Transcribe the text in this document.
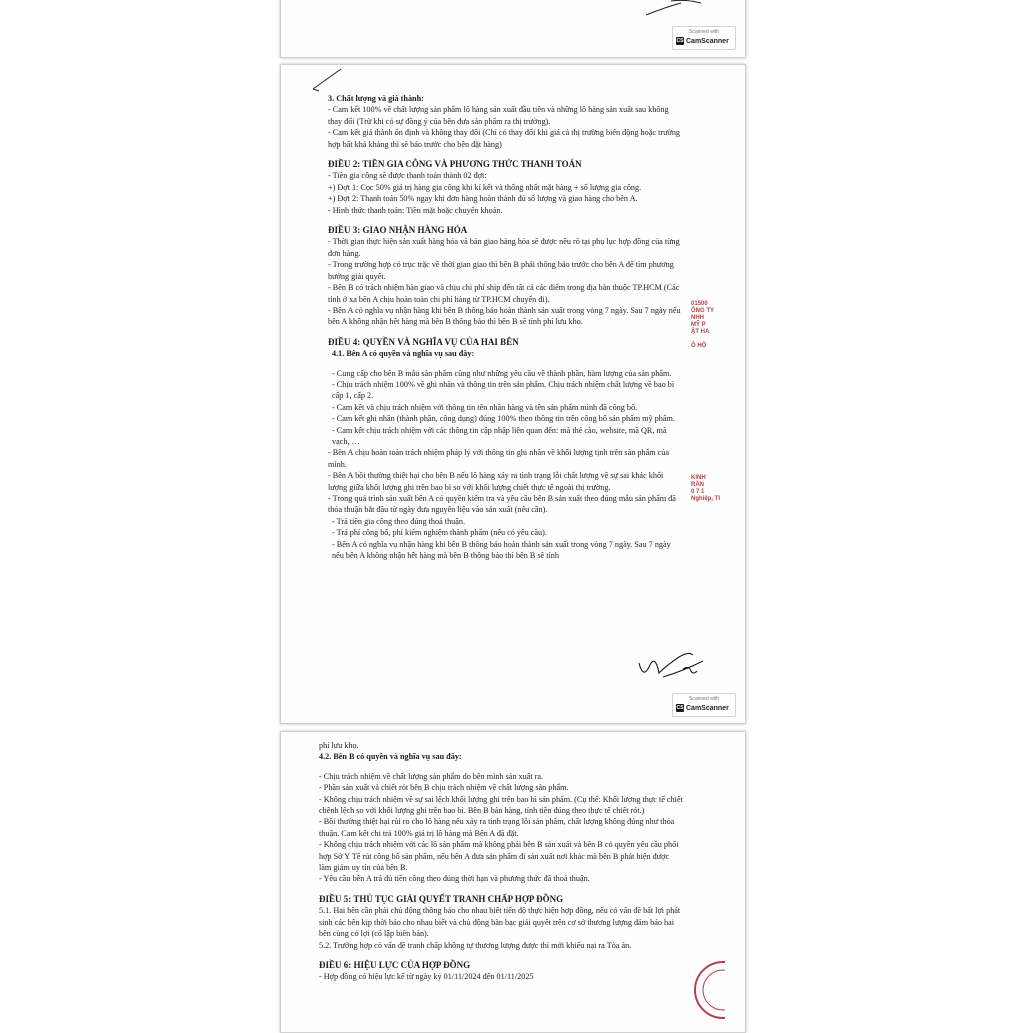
Scanned with
CS CamScanner

3. Chất lượng và giá thành:

- Cam kết 100% về chất lượng sản phẩm lô hàng sản xuất đầu tiên và những lô hàng sản xuất sau không thay đổi (Trừ khi có sự đồng ý của bên đưa sản phẩm ra thị trường).

- Cam kết giá thành ổn định và không thay đổi (Chỉ có thay đổi khi giá cả thị trường biến động hoặc trường hợp bất khả kháng thì sẽ báo trước cho bên đặt hàng)

ĐIỀU 2: TIỀN GIA CÔNG VÀ PHƯƠNG THỨC THANH TOÁN

- Tiền gia công sẽ được thanh toán thành 02 đợt:

+) Đợt 1: Cọc 50% giá trị hàng gia công khi kí kết và thống nhất mặt hàng + số lượng gia công.

+) Đợt 2: Thanh toán 50% ngay khi đơn hàng hoàn thành đủ số lượng và giao hàng cho bên A.

- Hình thức thanh toán: Tiền mặt hoặc chuyển khoản.

ĐIỀU 3: GIAO NHẬN HÀNG HÓA

- Thời gian thực hiện sản xuất hàng hóa và bàn giao hàng hóa sẽ được nêu rõ tại phụ lục hợp đồng của từng đơn hàng.

- Trong trường hợp có trục trặc về thời gian giao thì bên B phải thông báo trước cho bên A để tìm phương hướng giải quyết.

- Bên B có trách nhiệm bàn giao và chịu chi phí ship đến tất cả các điểm trong địa bàn thuộc TP.HCM (Các tỉnh ở xa bên A chịu hoàn toàn chi phí hàng từ TP.HCM chuyển đi).

- Bên A có nghĩa vụ nhận hàng khi bên B thông báo hoàn thành sản xuất trong vòng 7 ngày. Sau 7 ngày nếu bên A không nhận hết hàng mà bên B thông báo thì bên B sẽ tính phí lưu kho.

ĐIỀU 4: QUYỀN VÀ NGHĨA VỤ CỦA HAI BÊN

4.1. Bên A có quyền và nghĩa vụ sau đây:

- Cung cấp cho bên B mẫu sản phẩm cũng như những yêu cầu về thành phần, hàm lượng của sản phẩm.

- Chịu trách nhiệm 100% về ghi nhãn và thông tin trên sản phẩm. Chịu trách nhiệm chất lượng về bao bì cấp 1, cấp 2.

- Cam kết và chịu trách nhiệm với thông tin tên nhãn hàng và tên sản phẩm mình đã công bố.

- Cam kết ghi nhãn (thành phần, công dụng) đúng 100% theo thông tin trên công bố sản phẩm mỹ phẩm.

- Cam kết chịu trách nhiệm với các thông tin cập nhập liên quan đến: mã thẻ cào, website, mã QR, mã vạch, …

- Bên A chịu hoàn toàn trách nhiệm pháp lý với thông tin ghi nhãn về khối lượng tịnh trên sản phẩm của mình.

- Bên A bồi thường thiệt hại cho bên B nếu lô hàng xảy ra tình trạng lỗi chất lượng về sự sai khác khối lượng giữa khối lượng ghi trên bao bì so với khối lượng chiết thực tế ngoài thị trường.

- Trong quá trình sản xuất bên A có quyền kiểm tra và yêu cầu bên B sản xuất theo đúng mẫu sản phẩm đã thỏa thuận bắt đầu từ ngày đưa nguyên liệu vào sản xuất (nếu cần).

- Trả tiền gia công theo đúng thoả thuận.

- Trả phí công bố, phí kiểm nghiệm thành phẩm (nếu có yêu cầu).

- Bên A có nghĩa vụ nhận hàng khi bên B thông báo hoàn thành sản xuất trong vòng 7 ngày. Sau 7 ngày nếu bên A không nhận hết hàng mà bên B thông báo thì bên B sẽ tính

01500
ÔNG TY
NHH
MỸ P
ẬT HA

Ô HỒ
KINH
RẦN
0 7 1
Nghiệp, TI
Scanned with
CS CamScanner

phí lưu kho.

4.2. Bên B có quyền và nghĩa vụ sau đây:

- Chịu trách nhiệm về chất lượng sản phẩm do bên mình sản xuất ra.

- Phần sản xuất và chiết rót bên B chịu trách nhiệm về chất lượng sản phẩm.

- Không chịu trách nhiệm về sự sai lệch khối lượng ghi trên bao bì sản phẩm. (Cụ thể: Khối lượng thực tế chiết chênh lệch so với khối lượng ghi trên bao bì. Bên B bán hàng, tính tiền đúng theo thực tế chiết rót.)

- Bồi thường thiệt hại rủi ro cho lô hàng nếu xảy ra tình trạng lỗi sản phẩm, chất lượng không đúng như thỏa thuận. Cam kết chi trả 100% giá trị lô hàng mà Bên A đã đặt.

- Không chịu trách nhiệm với các lô sản phẩm mà không phải bên B sản xuất và bên B có quyền yêu cầu phối hợp Sở Y Tế rút công bố sản phẩm, nếu bên A đưa sản phẩm đi sản xuất nơi khác mà bên B phát hiện được làm giảm uy tín của bên B.

- Yêu cầu bên A trả đủ tiền công theo đúng thời hạn và phương thức đã thoả thuận.

ĐIỀU 5: THỦ TỤC GIẢI QUYẾT TRANH CHẤP HỢP ĐỒNG

5.1. Hai bên cần phải chủ động thông báo cho nhau biết tiến độ thực hiện hợp đồng, nếu có vấn đề bất lợi phát sinh các bên kịp thời báo cho nhau biết và chủ động bàn bạc giải quyết trên cơ sở thương lượng đảm bảo hai bên cùng có lợi (có lập biên bản).

5.2. Trường hợp có vấn đề tranh chấp không tự thương lượng được thì mới khiếu nại ra Tòa án.

ĐIỀU 6: HIỆU LỰC CỦA HỢP ĐỒNG

- Hợp đồng có hiệu lực kể từ ngày ký 01/11/2024 đến 01/11/2025
